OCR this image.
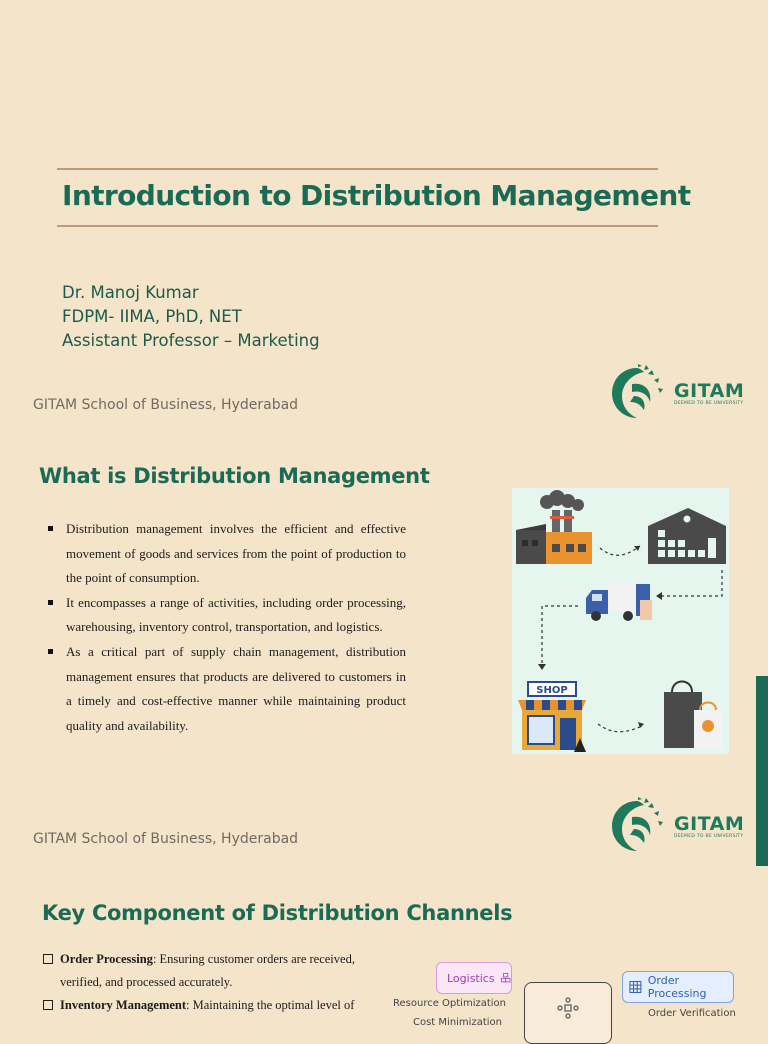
Introduction to Distribution Management
Dr. Manoj Kumar
FDPM- IIMA, PhD, NET
Assistant Professor – Marketing
GITAM School of Business, Hyderabad
GITAM
DEEMED TO BE UNIVERSITY
What is Distribution Management
Distribution management involves the efficient and effective movement of goods and services from the point of production to the point of consumption.
It encompasses a range of activities, including order processing, warehousing, inventory control, transportation, and logistics.
As a critical part of supply chain management, distribution management ensures that products are delivered to customers in a timely and cost-effective manner while maintaining product quality and availability.
SHOP
GITAM School of Business, Hyderabad
GITAM
DEEMED TO BE UNIVERSITY
Key Component of Distribution Channels
Order Processing: Ensuring customer orders are received, verified, and processed accurately.
Inventory Management: Maintaining the optimal level of
Logistics
Resource Optimization
Cost Minimization
Order Processing
Order Verification
